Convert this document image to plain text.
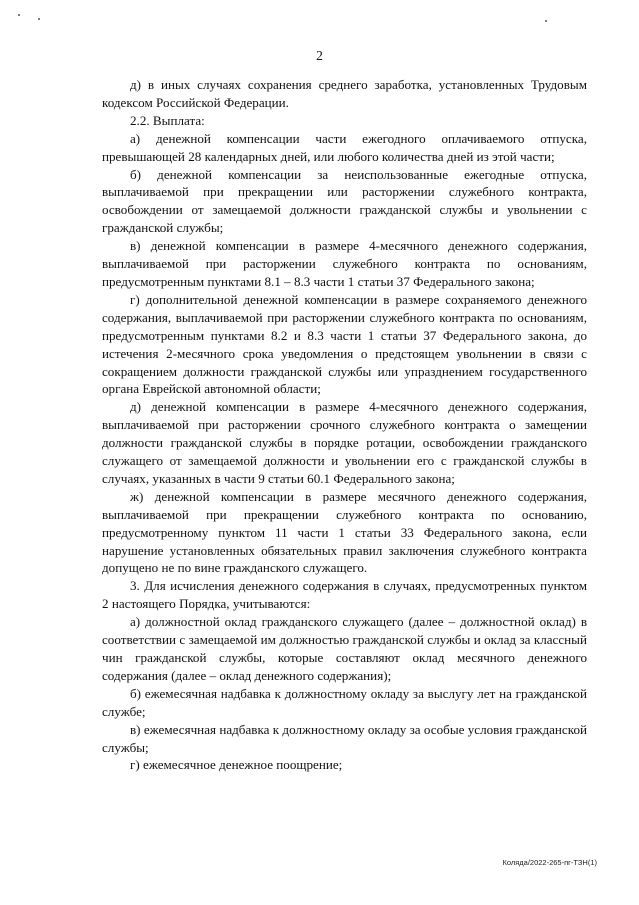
2

д) в иных случаях сохранения среднего заработка, установленных Трудовым кодексом Российской Федерации.

2.2. Выплата:

а) денежной компенсации части ежегодного оплачиваемого отпуска, превышающей 28 календарных дней, или любого количества дней из этой части;

б) денежной компенсации за неиспользованные ежегодные отпуска, выплачиваемой при прекращении или расторжении служебного контракта, освобождении от замещаемой должности гражданской службы и увольнении с гражданской службы;

в) денежной компенсации в размере 4-месячного денежного содержания, выплачиваемой при расторжении служебного контракта по основаниям, предусмотренным пунктами 8.1 – 8.3 части 1 статьи 37 Федерального закона;

г) дополнительной денежной компенсации в размере сохраняемого денежного содержания, выплачиваемой при расторжении служебного контракта по основаниям, предусмотренным пунктами 8.2 и 8.3 части 1 статьи 37 Федерального закона, до истечения 2-месячного срока уведомления о предстоящем увольнении в связи с сокращением должности гражданской службы или упразднением государственного органа Еврейской автономной области;

д) денежной компенсации в размере 4-месячного денежного содержания, выплачиваемой при расторжении срочного служебного контракта о замещении должности гражданской службы в порядке ротации, освобождении гражданского служащего от замещаемой должности и увольнении его с гражданской службы в случаях, указанных в части 9 статьи 60.1 Федерального закона;

ж) денежной компенсации в размере месячного денежного содержания, выплачиваемой при прекращении служебного контракта по основанию, предусмотренному пунктом 11 части 1 статьи 33 Федерального закона, если нарушение установленных обязательных правил заключения служебного контракта допущено не по вине гражданского служащего.

3. Для исчисления денежного содержания в случаях, предусмотренных пунктом 2 настоящего Порядка, учитываются:

а) должностной оклад гражданского служащего (далее – должностной оклад) в соответствии с замещаемой им должностью гражданской службы и оклад за классный чин гражданской службы, которые составляют оклад месячного денежного содержания (далее – оклад денежного содержания);

б) ежемесячная надбавка к должностному окладу за выслугу лет на гражданской службе;

в) ежемесячная надбавка к должностному окладу за особые условия гражданской службы;

г) ежемесячное денежное поощрение;

Коляда/2022-265-пг-ТЗН(1)
